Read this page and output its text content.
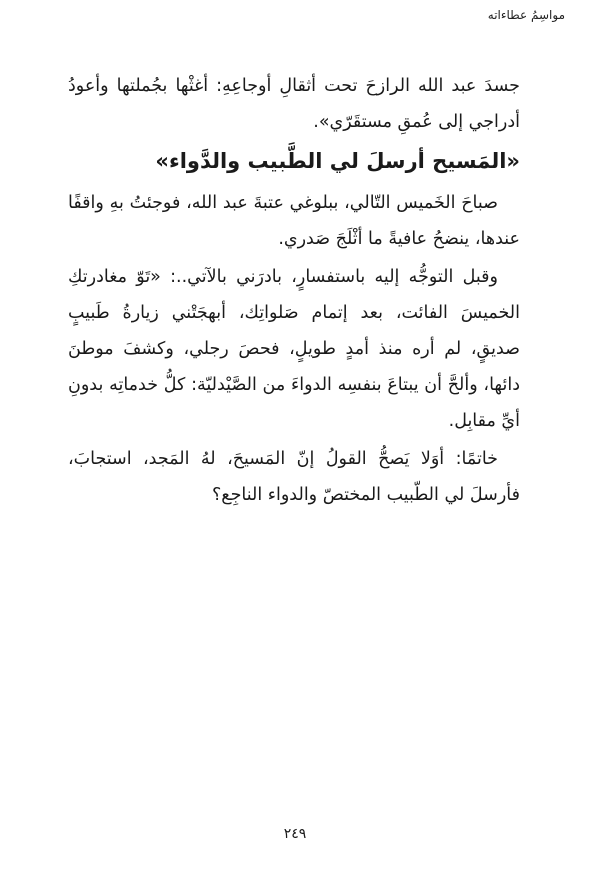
مواسِمُ عطاءاته

جسدَ عبد الله الرازحَ تحت أثقالِ أوجاعِهِ: أغثْها بجُملتها وأعودُ أدراجي إلى عُمقِ مستقَرّي».

«المَسيح أرسلَ لي الطَّبيب والدَّواء»

صباحَ الخَميس التّالي، ببلوغي عتبةَ عبد الله، فوجئتُ بهِ واقفًا عندها، ينضحُ عافيةً ما أثْلَجَ صَدري.

وقبل التوجُّه إليه باستفسارٍ، بادرَني بالآتي..: «تَوّ مغادرتكِ الخميسَ الفائت، بعد إتمام صَلواتِك، أبهجَتْني زيارةُ طَبيبٍ صديقٍ، لم أره منذ أمدٍ طويلٍ، فحصَ رجلي، وكشفَ موطنَ دائها، وألحَّ أن يبتاعَ بنفسِه الدواءَ من الصَّيْدليّة: كلُّ خدماتِه بدونِ أيِّ مقابِل.

خاتمًا: أوَلا يَصحُّ القولُ إنّ المَسيحَ، لهُ المَجد، استجابَ، فأرسلَ لي الطّبيب المختصّ والدواء الناجِع؟

٢٤٩
